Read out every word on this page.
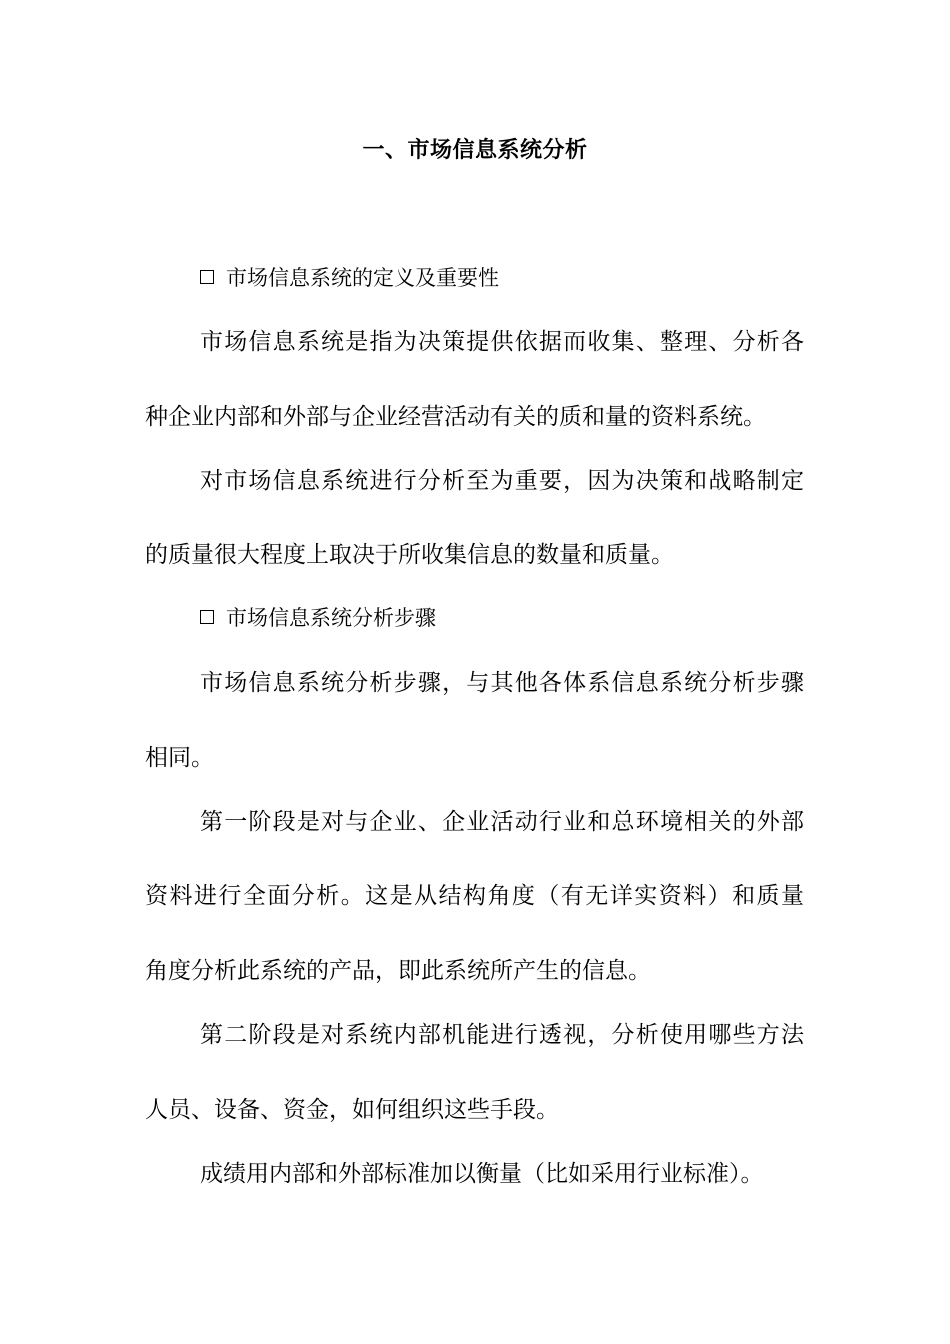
一、市场信息系统分析
市场信息系统的定义及重要性
市场信息系统是指为决策提供依据而收集、整理、分析各
种企业内部和外部与企业经营活动有关的质和量的资料系统。
对市场信息系统进行分析至为重要，因为决策和战略制定
的质量很大程度上取决于所收集信息的数量和质量。
市场信息系统分析步骤
市场信息系统分析步骤，与其他各体系信息系统分析步骤
相同。
第一阶段是对与企业、企业活动行业和总环境相关的外部
资料进行全面分析。这是从结构角度（有无详实资料）和质量
角度分析此系统的产品，即此系统所产生的信息。
第二阶段是对系统内部机能进行透视，分析使用哪些方法
人员、设备、资金，如何组织这些手段。
成绩用内部和外部标准加以衡量（比如采用行业标准）。
